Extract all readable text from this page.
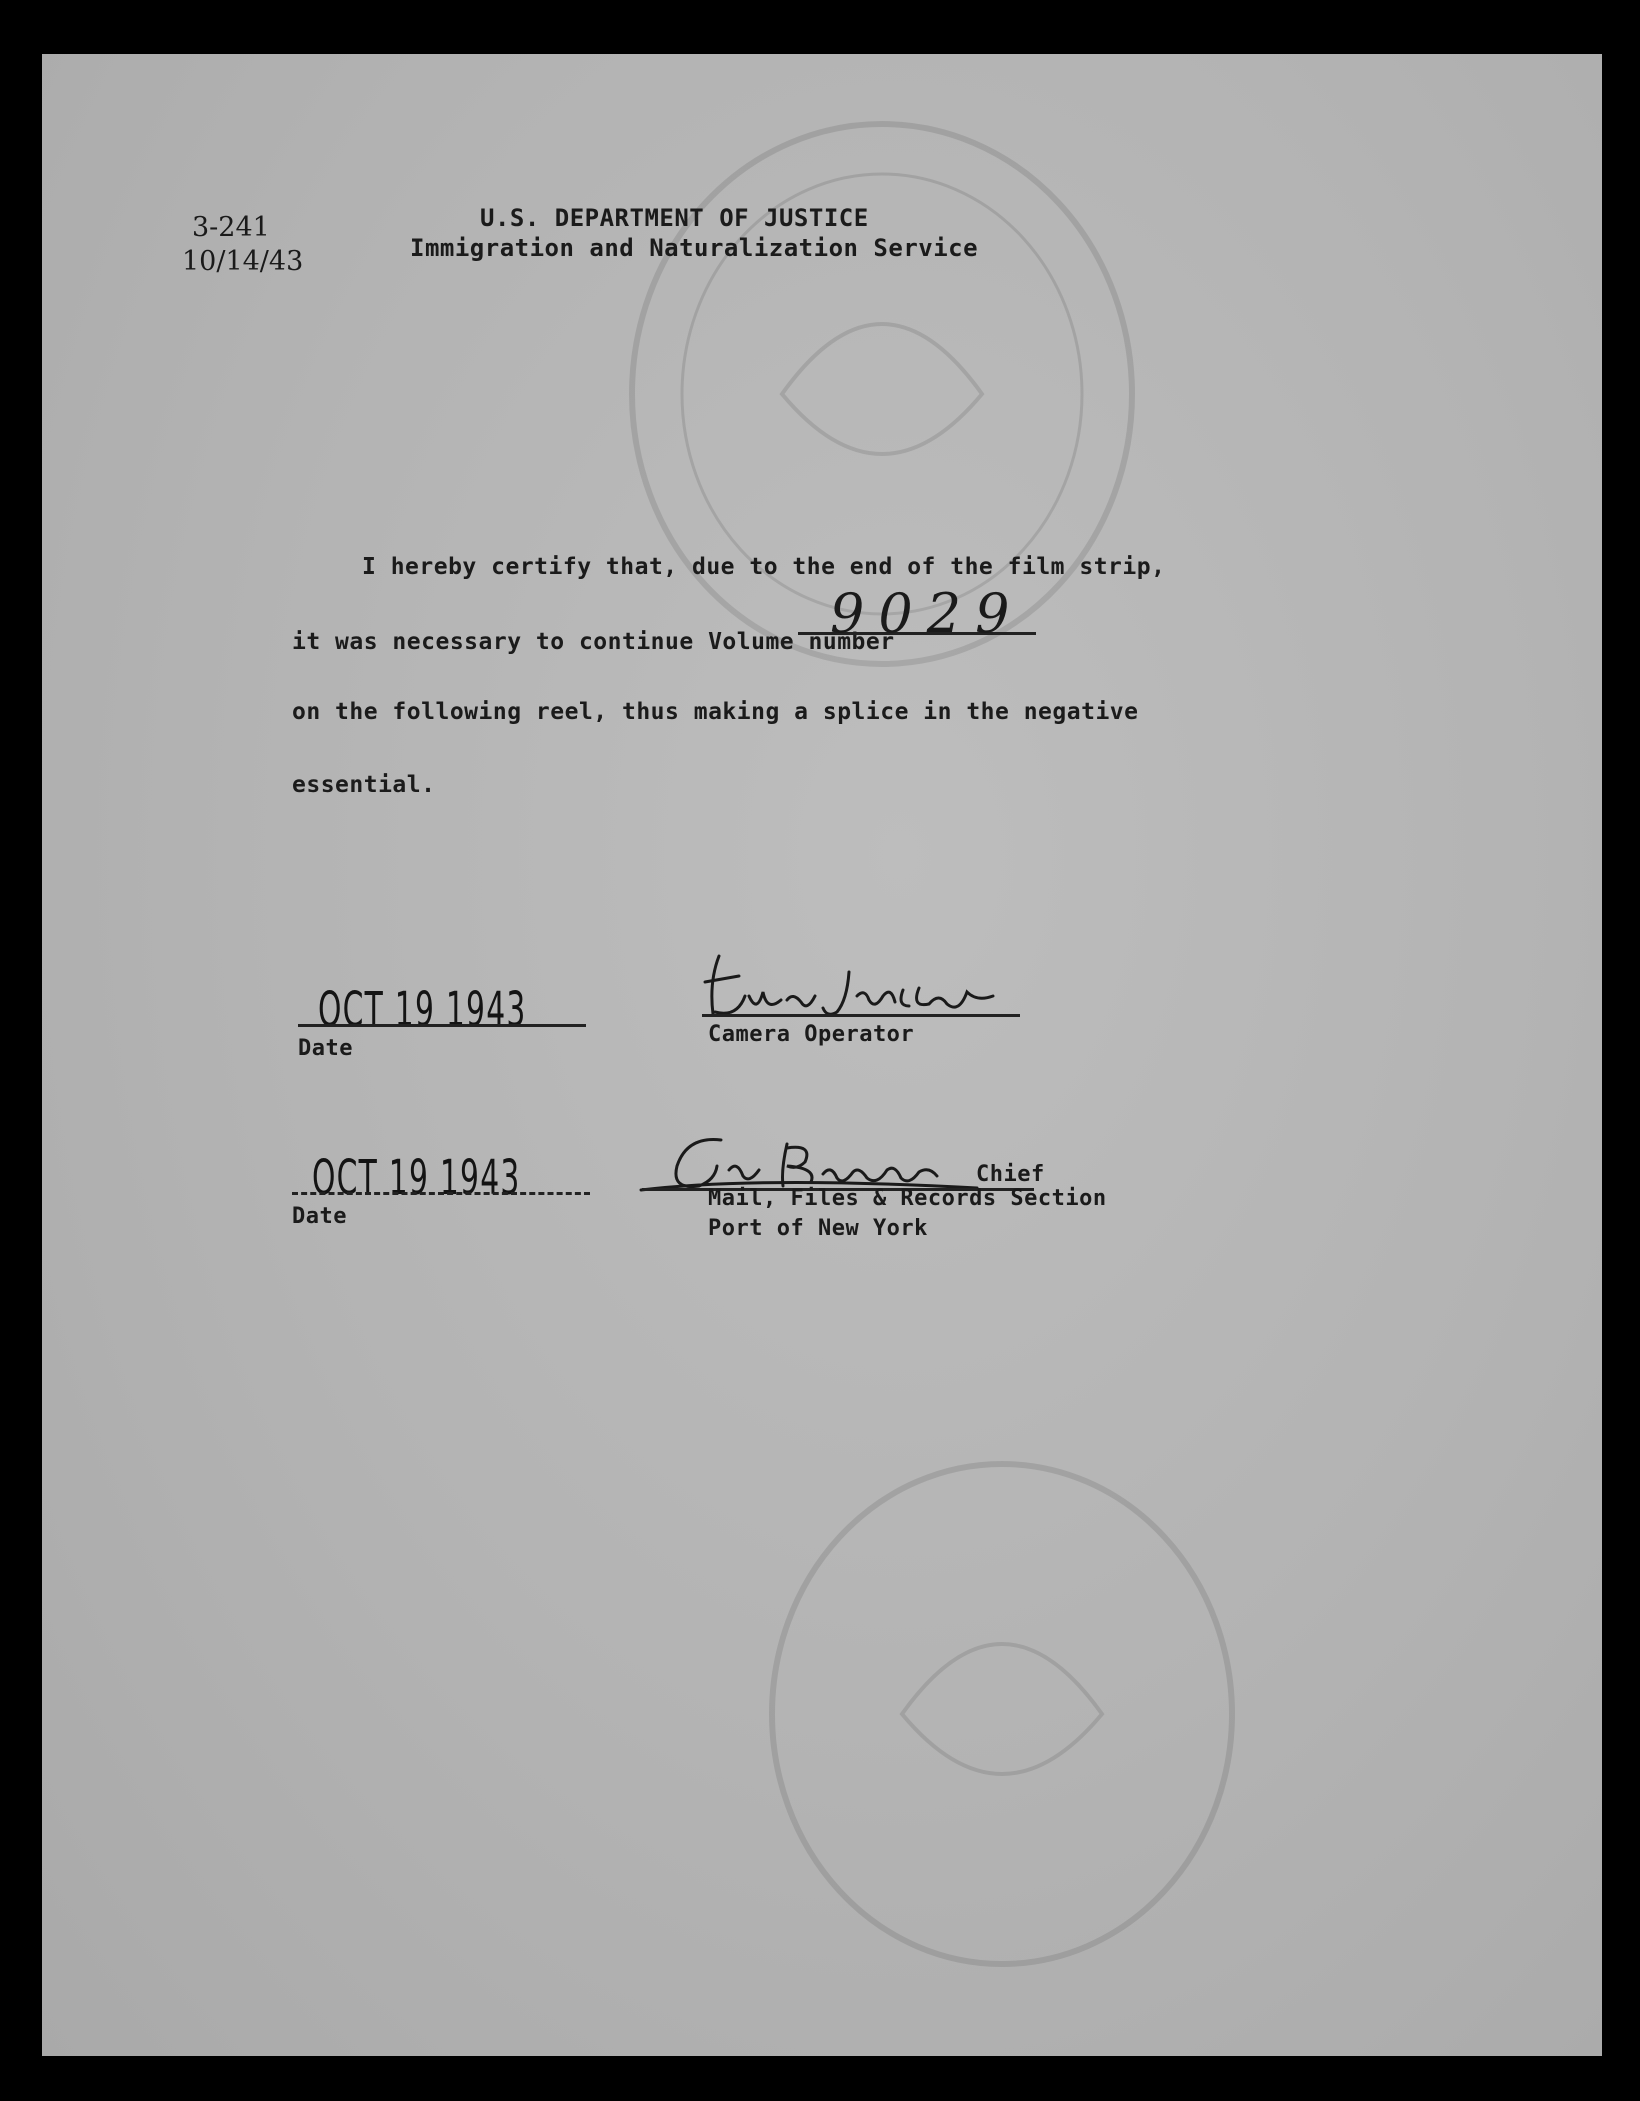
3-241
10/14/43
U.S. DEPARTMENT OF JUSTICE
Immigration and Naturalization Service
I hereby certify that, due to the end of the film strip,
it was necessary to continue Volume number
9029
on the following reel, thus making a splice in the negative
essential.
OCT 19 1943
Date
Camera Operator
OCT 19 1943
Date
Chief
Mail, Files & Records Section
Port of New York
